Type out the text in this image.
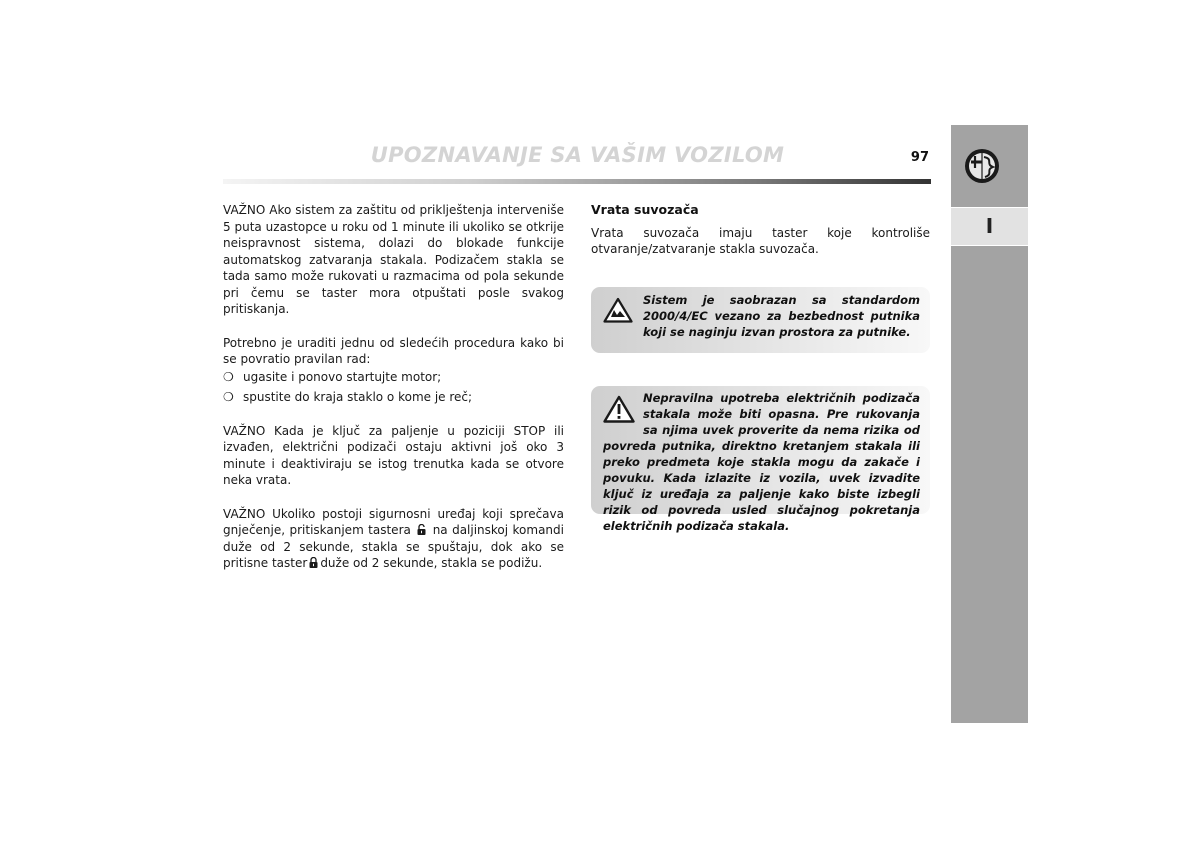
UPOZNAVANJE SA VAŠIM VOZILOM	97
I

VAŽNO Ako sistem za zaštitu od priklještenja interveniše 5 puta uzastopce u roku od 1 minute ili ukoliko se otkrije neispravnost sistema, dolazi do blokade funkcije automatskog zatvaranja stakala. Podizačem stakla se tada samo može rukovati u razmacima od pola sekunde pri čemu se taster mora otpuštati posle svakog pritiskanja.

Potrebno je uraditi jednu od sledećih procedura kako bi se povratio pravilan rad:

❍ ugasite i ponovo startujte motor;
❍ spustite do kraja staklo o kome je reč;

VAŽNO Kada je ključ za paljenje u poziciji STOP ili izvađen, električni podizači ostaju aktivni još oko 3 minute i deaktiviraju se istog trenutka kada se otvore neka vrata.

VAŽNO Ukoliko postoji sigurnosni uređaj koji sprečava gnječenje, pritiskanjem tastera na daljinskoj komandi duže od 2 sekunde, stakla se spuštaju, dok ako se pritisne taster duže od 2 sekunde, stakla se podižu.

Vrata suvozača

Vrata suvozača imaju taster koje kontroliše otvaranje/zatvaranje stakla suvozača.

Sistem je saobrazan sa standardom 2000/4/EC vezano za bezbednost putnika koji se naginju izvan prostora za putnike.

Nepravilna upotreba električnih podizača stakala može biti opasna. Pre rukovanja sa njima uvek proverite da nema rizika od povreda putnika, direktno kretanjem stakala ili preko predmeta koje stakla mogu da zakače i povuku. Kada izlazite iz vozila, uvek izvadite ključ iz uređaja za paljenje kako biste izbegli rizik od povreda usled slučajnog pokretanja električnih podizača stakala.
